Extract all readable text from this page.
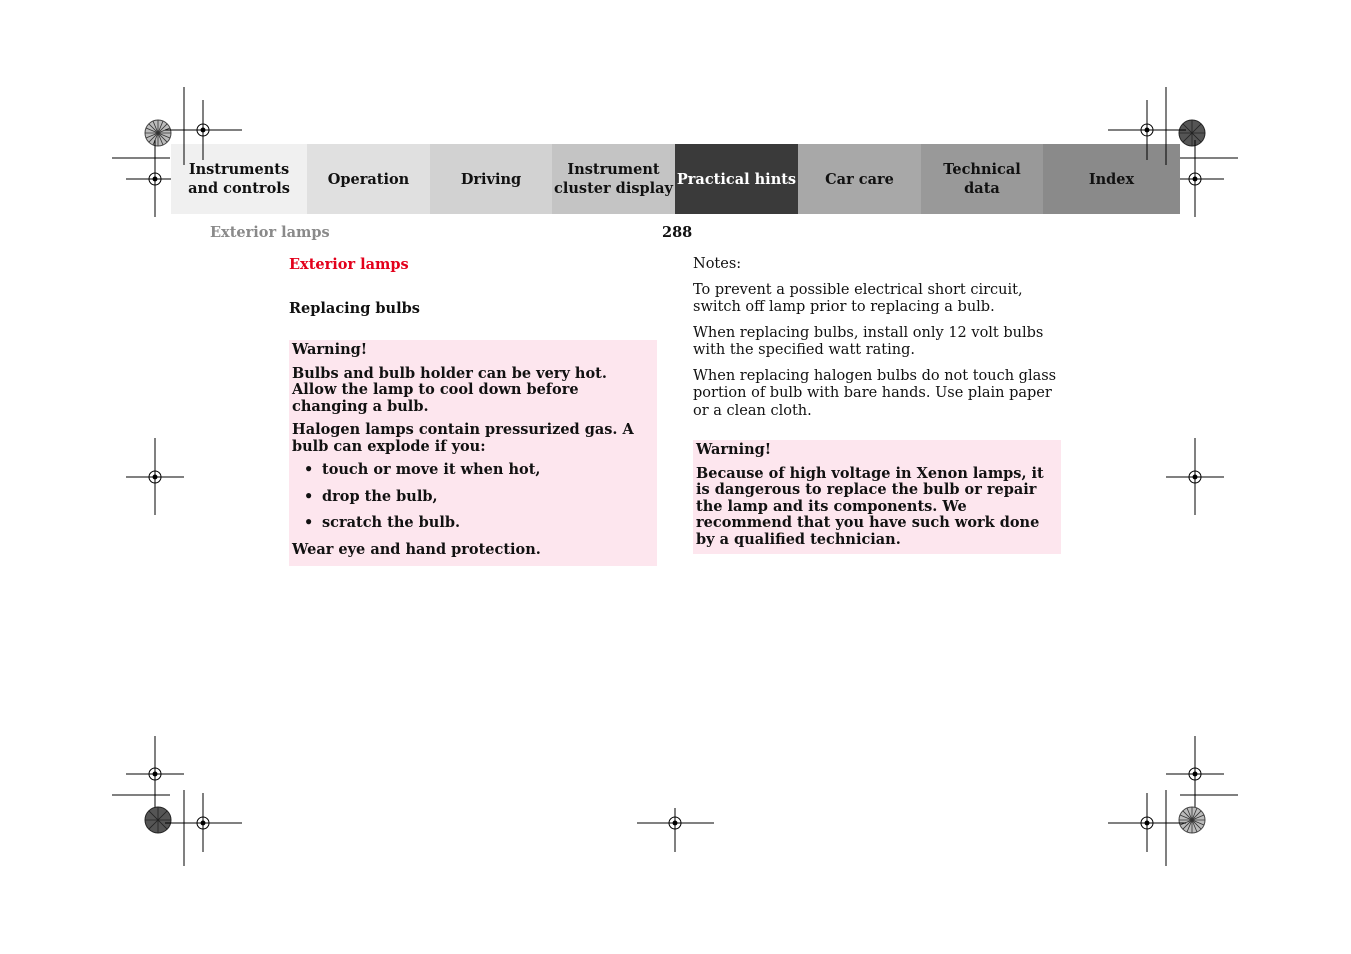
Instruments
and controls
Operation	Driving
Instrument
cluster display
Practical hints Car care
Technical
data
Index
Exterior lamps	288
Exterior lamps
Replacing bulbs

Warning!

Bulbs and bulb holder can be very hot. Allow the lamp to cool down before changing a bulb.

Halogen lamps contain pressurized gas. A bulb can explode if you:

• touch or move it when hot,
• drop the bulb,
• scratch the bulb.

Wear eye and hand protection.

Notes:

To prevent a possible electrical short circuit, switch off lamp prior to replacing a bulb.

When replacing bulbs, install only 12 volt bulbs with the specified watt rating.

When replacing halogen bulbs do not touch glass portion of bulb with bare hands. Use plain paper or a clean cloth.

Warning!

Because of high voltage in Xenon lamps, it is dangerous to replace the bulb or repair the lamp and its components. We recommend that you have such work done by a qualified technician.
